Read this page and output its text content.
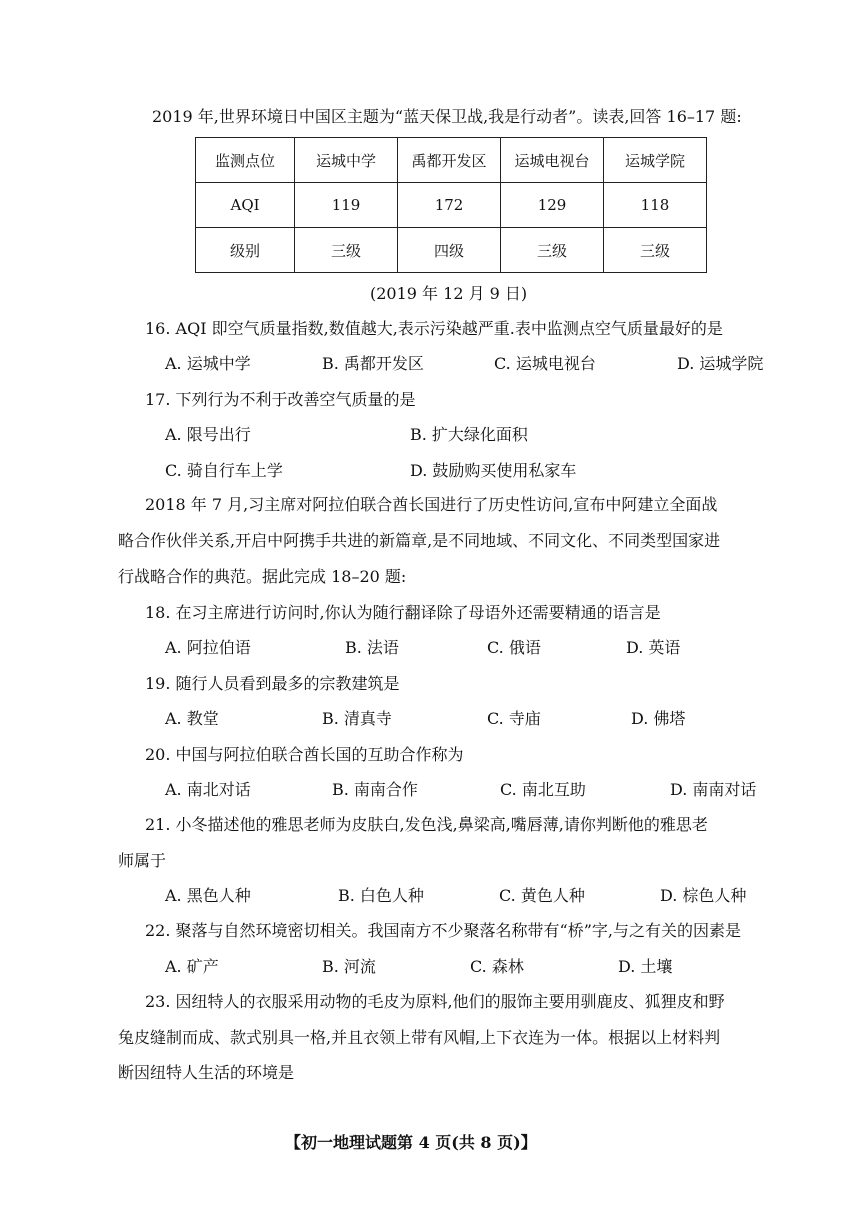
2019 年,世界环境日中国区主题为“蓝天保卫战,我是行动者”。读表,回答 16–17 题:
监测点位	运城中学	禹都开发区	运城电视台	运城学院
AQI	119	172	129	118
级别	三级	四级	三级	三级
(2019 年 12 月 9 日)
16. AQI 即空气质量指数,数值越大,表示污染越严重.表中监测点空气质量最好的是
A. 运城中学	B. 禹都开发区	C. 运城电视台	D. 运城学院
17. 下列行为不利于改善空气质量的是
A. 限号出行	B. 扩大绿化面积
C. 骑自行车上学	D. 鼓励购买使用私家车
2018 年 7 月,习主席对阿拉伯联合酋长国进行了历史性访问,宣布中阿建立全面战
略合作伙伴关系,开启中阿携手共进的新篇章,是不同地域、不同文化、不同类型国家进
行战略合作的典范。据此完成 18–20 题:
18. 在习主席进行访问时,你认为随行翻译除了母语外还需要精通的语言是
A. 阿拉伯语	B. 法语	C. 俄语	D. 英语
19. 随行人员看到最多的宗教建筑是
A. 教堂	B. 清真寺	C. 寺庙	D. 佛塔
20. 中国与阿拉伯联合酋长国的互助合作称为
A. 南北对话	B. 南南合作	C. 南北互助	D. 南南对话
21. 小冬描述他的雅思老师为皮肤白,发色浅,鼻梁高,嘴唇薄,请你判断他的雅思老
师属于
A. 黑色人种	B. 白色人种	C. 黄色人种	D. 棕色人种
22. 聚落与自然环境密切相关。我国南方不少聚落名称带有“桥”字,与之有关的因素是
A. 矿产	B. 河流	C. 森林	D. 土壤
23. 因纽特人的衣服采用动物的毛皮为原料,他们的服饰主要用驯鹿皮、狐狸皮和野
兔皮缝制而成、款式别具一格,并且衣领上带有风帽,上下衣连为一体。根据以上材料判
断因纽特人生活的环境是
【初一地理试题第 4 页(共 8 页)】
